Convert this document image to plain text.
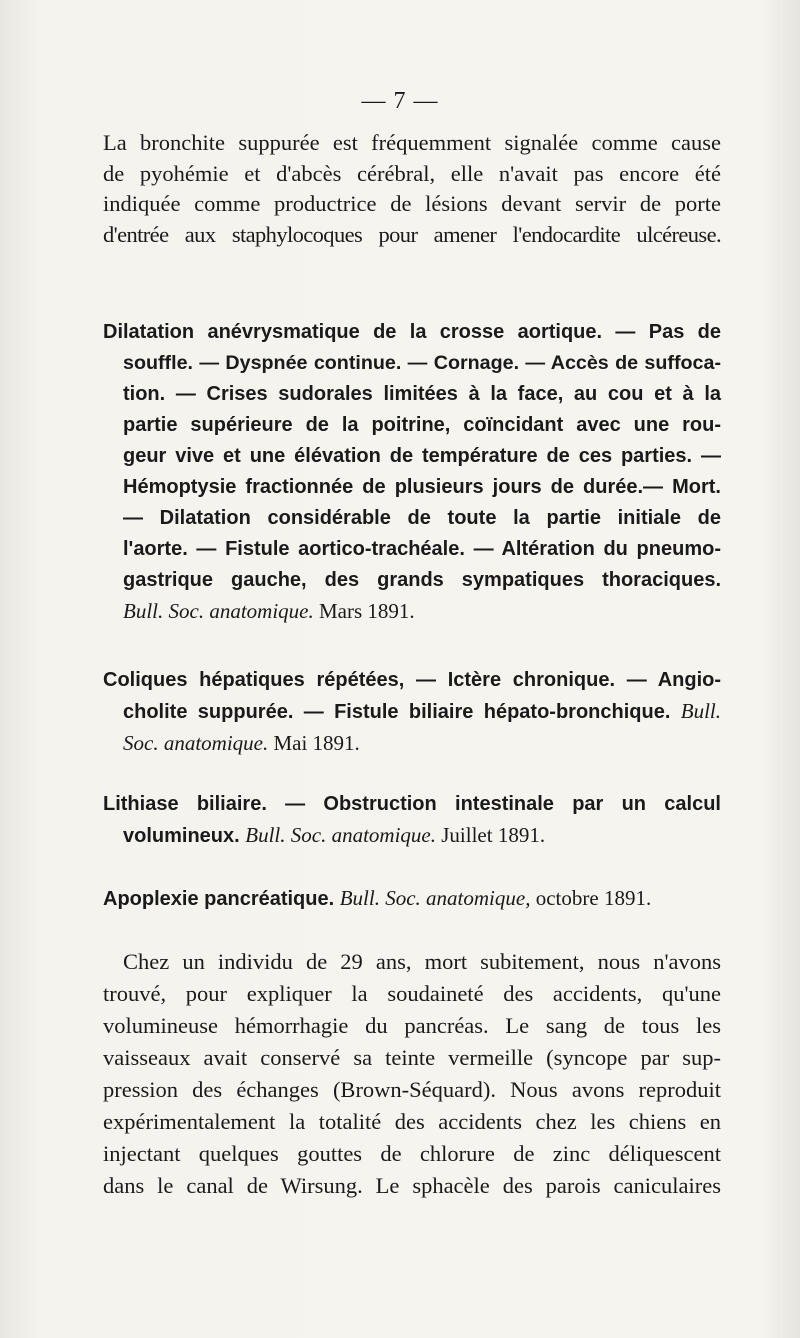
— 7 —

La bronchite suppurée est fréquemment signalée comme cause
de pyohémie et d'abcès cérébral, elle n'avait pas encore été
indiquée comme productrice de lésions devant servir de porte
d'entrée aux staphylocoques pour amener l'endocardite ulcéreuse.

Dilatation anévrysmatique de la crosse aortique. — Pas de
souffle. — Dyspnée continue. — Cornage. — Accès de suffoca-
tion. — Crises sudorales limitées à la face, au cou et à la
partie supérieure de la poitrine, coïncidant avec une rou-
geur vive et une élévation de température de ces parties. —
Hémoptysie fractionnée de plusieurs jours de durée.— Mort.
— Dilatation considérable de toute la partie initiale de
l'aorte. — Fistule aortico-trachéale. — Altération du pneumo-
gastrique gauche, des grands sympatiques thoraciques.
Bull. Soc. anatomique. Mars 1891.

Coliques hépatiques répétées, — Ictère chronique. — Angio-
cholite suppurée. — Fistule biliaire hépato-bronchique. Bull.
Soc. anatomique. Mai 1891.

Lithiase biliaire. — Obstruction intestinale par un calcul
volumineux. Bull. Soc. anatomique. Juillet 1891.

Apoplexie pancréatique. Bull. Soc. anatomique, octobre 1891.

Chez un individu de 29 ans, mort subitement, nous n'avons
trouvé, pour expliquer la soudaineté des accidents, qu'une
volumineuse hémorrhagie du pancréas. Le sang de tous les
vaisseaux avait conservé sa teinte vermeille (syncope par sup-
pression des échanges (Brown-Séquard). Nous avons reproduit
expérimentalement la totalité des accidents chez les chiens en
injectant quelques gouttes de chlorure de zinc déliquescent
dans le canal de Wirsung. Le sphacèle des parois caniculaires
